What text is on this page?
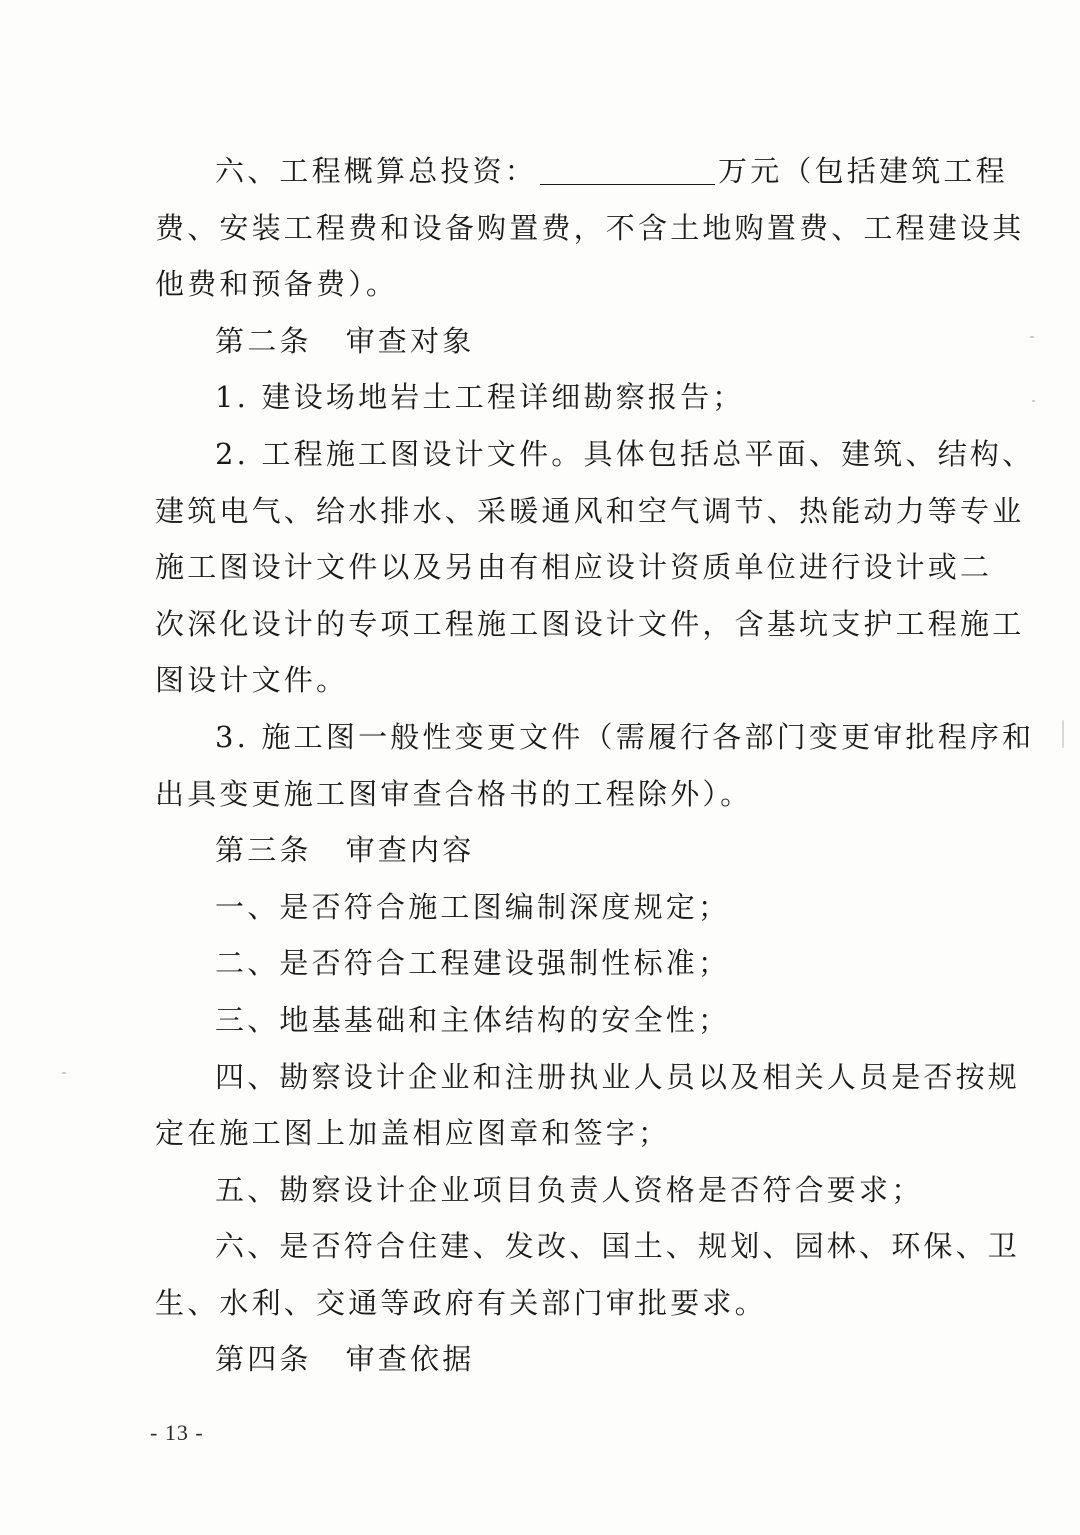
六、工程概算总投资：	万元（包括建筑工程
费、安装工程费和设备购置费，不含土地购置费、工程建设其
他费和预备费）。
第二条 审查对象
1. 建设场地岩土工程详细勘察报告；
2. 工程施工图设计文件。具体包括总平面、建筑、结构、
建筑电气、给水排水、采暖通风和空气调节、热能动力等专业
施工图设计文件以及另由有相应设计资质单位进行设计或二
次深化设计的专项工程施工图设计文件，含基坑支护工程施工
图设计文件。
3. 施工图一般性变更文件（需履行各部门变更审批程序和
出具变更施工图审查合格书的工程除外）。
第三条 审查内容
一、是否符合施工图编制深度规定；
二、是否符合工程建设强制性标准；
三、地基基础和主体结构的安全性；
四、勘察设计企业和注册执业人员以及相关人员是否按规
定在施工图上加盖相应图章和签字；
五、勘察设计企业项目负责人资格是否符合要求；
六、是否符合住建、发改、国土、规划、园林、环保、卫
生、水利、交通等政府有关部门审批要求。
第四条 审查依据
- 13 -
